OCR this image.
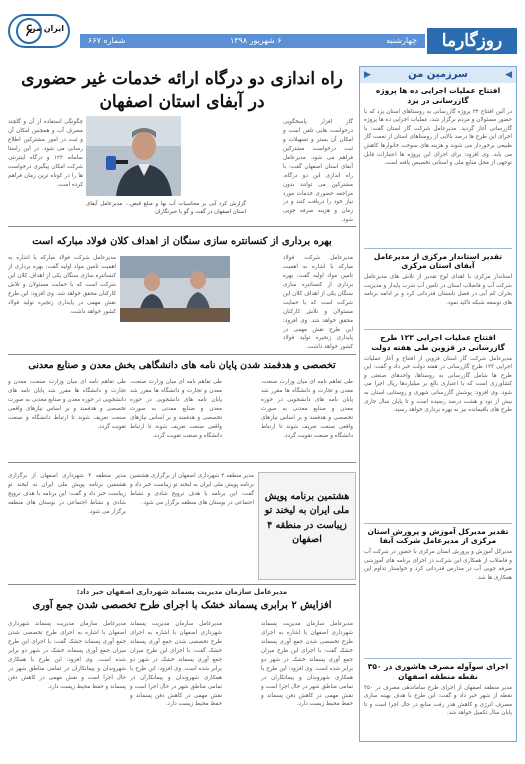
روزگارما
چهارشنبه
۶ شهریور ۱۳۹۸
شماره ۶۶۷
۶
ایران من
◀
سرزمین من
▶
افتتاح عملیات اجرایی ده ها پروژه گازرسانی در یزد
در آئین افتتاح ۲۴ پروژه گازرسانی به روستاهای استان یزد که با حضور مسئولان و مردم برگزار شد، عملیات اجرایی ده ها پروژه گازرسانی آغاز گردید. مدیرعامل شرکت گاز استان گفت: با اجرای این طرح ها درصد بالایی از روستاهای استان از نعمت گاز طبیعی برخوردار می شوند و هزینه های سوخت خانوارها کاهش می یابد. وی افزود: برای اجرای این پروژه ها اعتبارات قابل توجهی از محل منابع ملی و استانی تخصیص یافته است.
تقدیر استاندار مرکزی از مدیرعامل آبفای استان مرکزی
استاندار مرکزی با اهدای لوح تقدیر از تلاش های مدیرعامل شرکت آب و فاضلاب استان در تامین آب شرب پایدار و مدیریت بحران کم آبی در فصل تابستان قدردانی کرد و بر ادامه برنامه های توسعه شبکه تاکید نمود.
افتتاح عملیات اجرایی ۱۲۳ طرح گازرسانی در قزوین طی هفته دولت
مدیرعامل شرکت گاز استان قزوین از افتتاح و آغاز عملیات اجرایی ۱۲۳ طرح گازرسانی در هفته دولت خبر داد و گفت: این طرح ها شامل گازرسانی به روستاها، واحدهای صنعتی و کشاورزی است که با اعتباری بالغ بر میلیاردها ریال اجرا می شود. وی افزود: پوشش گازرسانی شهری و روستایی استان به بیش از نود و هشت درصد رسیده است و تا پایان سال جاری طرح های باقیمانده نیز به بهره برداری خواهد رسید.
تقدیر مدیرکل آموزش و پرورش استان مرکزی از مدیرعامل شرکت آبفا
مدیرکل آموزش و پرورش استان مرکزی با حضور در شرکت آب و فاضلاب از همکاری این شرکت در اجرای برنامه های آموزشی صرفه جویی آب در مدارس قدردانی کرد و خواستار تداوم این همکاری ها شد.
اجرای سوآوله مصرف هاشوری در ۳۵۰ نقطه منطقه اصفهان
مدیر منطقه اصفهان از اجرای طرح ساماندهی مصرف در ۳۵۰ نقطه از شهر خبر داد و گفت: این طرح با هدف بهینه سازی مصرف انرژی و کاهش هدر رفت منابع در حال اجرا است و تا پایان سال تکمیل خواهد شد.
راه اندازی دو درگاه ارائه خدمات غیر حضوری
در آبفای استان اصفهان
گاز افزار پاسخگویی درخواست هایی تلفن است و امکان آن بستر و تسهیلات و ثبت درخواست مشترکین فراهم می شود. مدیرعامل آبفای استان اصفهان گفت: با راه اندازی این دو درگاه، مشترکین می توانند بدون مراجعه حضوری خدمات مورد نیاز خود را دریافت کنند و در زمان و هزینه صرفه جویی شود.
چگونگی استفاده از آن و گلچند مصرف آب و همچنین امکان آن و ثبت در امور مشترکین اطلاع رسانی می شود. در این راستا سامانه ۱۲۲ و درگاه اینترنتی شرکت امکان پیگیری درخواست ها را در کوتاه ترین زمان فراهم کرده است.
گزارش کرد آبی بر محاسبات آب بها و مبلغ قبض... مدیرعامل آبفای استان اصفهان در گفت و گو با خبرنگاران
بهره برداری از کنسانتره سازی سنگان از اهداف کلان فولاد مبارکه است
مدیرعامل شرکت فولاد مبارکه با اشاره به اهمیت تامین مواد اولیه گفت: بهره برداری از کنسانتره سازی سنگان یکی از اهداف کلان این شرکت است که با حمایت مسئولان و تلاش کارکنان محقق خواهد شد. وی افزود: این طرح نقش مهمی در پایداری زنجیره تولید فولاد کشور خواهد داشت.
مدیرعامل شرکت فولاد مبارکه با اشاره به اهمیت تامین مواد اولیه گفت: بهره برداری از کنسانتره سازی سنگان یکی از اهداف کلان این شرکت است که با حمایت مسئولان و تلاش کارکنان محقق خواهد شد. وی افزود: این طرح نقش مهمی در پایداری زنجیره تولید فولاد کشور خواهد داشت.
تخصصی و هدفمند شدن پایان نامه های دانشگاهی بخش معدن و صنایع معدنی
طی تفاهم نامه ای میان وزارت صنعت، معدن و تجارت و دانشگاه ها مقرر شد پایان نامه های دانشجویی در حوزه معدن و صنایع معدنی به صورت تخصصی و هدفمند و بر اساس نیازهای واقعی صنعت تعریف شوند تا ارتباط دانشگاه و صنعت تقویت گردد.
طی تفاهم نامه ای میان وزارت صنعت، معدن و تجارت و دانشگاه ها مقرر شد پایان نامه های دانشجویی در حوزه معدن و صنایع معدنی به صورت تخصصی و هدفمند و بر اساس نیازهای واقعی صنعت تعریف شوند تا ارتباط دانشگاه و صنعت تقویت گردد.
طی تفاهم نامه ای میان وزارت صنعت، معدن و تجارت و دانشگاه ها مقرر شد پایان نامه های دانشجویی در حوزه معدن و صنایع معدنی به صورت تخصصی و هدفمند و بر اساس نیازهای واقعی صنعت تعریف شوند تا ارتباط دانشگاه و صنعت تقویت گردد.
هشتمین برنامه پویش ملی ایران به لیخند تو زیباست در منطقه ۴ اصفهان
مدیر منطقه ۴ شهرداری اصفهان از برگزاری هشتمین برنامه پویش ملی ایران به لبخند تو زیباست خبر داد و گفت: این برنامه با هدف ترویج شادی و نشاط اجتماعی در بوستان های منطقه برگزار می شود.
مدیر منطقه ۴ شهرداری اصفهان از برگزاری هشتمین برنامه پویش ملی ایران به لبخند تو زیباست خبر داد و گفت: این برنامه با هدف ترویج شادی و نشاط اجتماعی در بوستان های منطقه برگزار می شود.
مدیرعامل سازمان مدیریت پسماند شهرداری اصفهان خبر داد:
افزایش ۲ برابری پسماند خشک با اجرای طرح تخصصی شدن جمع آوری
مدیرعامل سازمان مدیریت پسماند شهرداری اصفهان با اشاره به اجرای طرح تخصصی شدن جمع آوری پسماند خشک گفت: با اجرای این طرح میزان جمع آوری پسماند خشک در شهر دو برابر شده است. وی افزود: این طرح با همکاری شهروندان و پیمانکاران در تمامی مناطق شهر در حال اجرا است و نقش مهمی در کاهش دفن پسماند و حفظ محیط زیست دارد.
مدیرعامل سازمان مدیریت پسماند شهرداری اصفهان با اشاره به اجرای طرح تخصصی شدن جمع آوری پسماند خشک گفت: با اجرای این طرح میزان جمع آوری پسماند خشک در شهر دو برابر شده است. وی افزود: این طرح با همکاری شهروندان و پیمانکاران در تمامی مناطق شهر در حال اجرا است و نقش مهمی در کاهش دفن پسماند و حفظ محیط زیست دارد.
مدیرعامل سازمان مدیریت پسماند شهرداری اصفهان با اشاره به اجرای طرح تخصصی شدن جمع آوری پسماند خشک گفت: با اجرای این طرح میزان جمع آوری پسماند خشک در شهر دو برابر شده است. وی افزود: این طرح با همکاری شهروندان و پیمانکاران در تمامی مناطق شهر در حال اجرا است و نقش مهمی در کاهش دفن پسماند و حفظ محیط زیست دارد.
